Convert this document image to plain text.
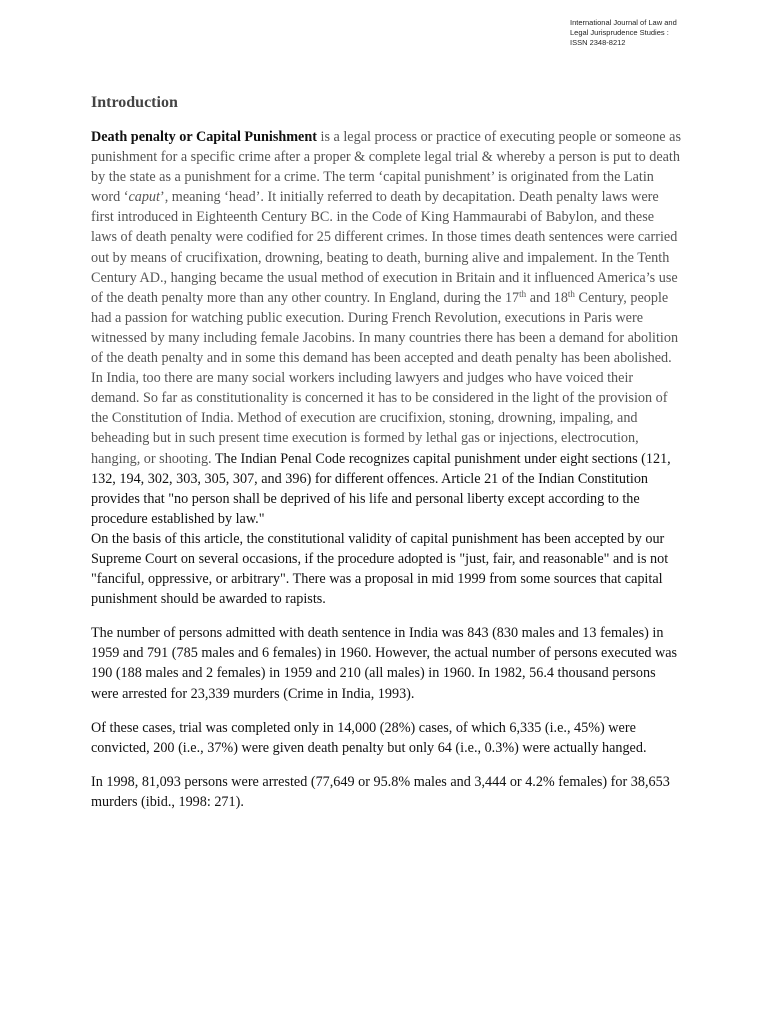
International Journal of Law and
Legal Jurisprudence Studies :
ISSN 2348-8212
Introduction

Death penalty or Capital Punishment is a legal process or practice of executing people or someone as punishment for a specific crime after a proper & complete legal trial & whereby a person is put to death by the state as a punishment for a crime. The term ‘capital punishment’ is originated from the Latin word ‘caput’, meaning ‘head’. It initially referred to death by decapitation. Death penalty laws were first introduced in Eighteenth Century BC. in the Code of King Hammaurabi of Babylon, and these laws of death penalty were codified for 25 different crimes. In those times death sentences were carried out by means of crucifixation, drowning, beating to death, burning alive and impalement. In the Tenth Century AD., hanging became the usual method of execution in Britain and it influenced America’s use of the death penalty more than any other country. In England, during the 17th and 18th Century, people had a passion for watching public execution. During French Revolution, executions in Paris were witnessed by many including female Jacobins. In many countries there has been a demand for abolition of the death penalty and in some this demand has been accepted and death penalty has been abolished. In India, too there are many social workers including lawyers and judges who have voiced their demand. So far as constitutionality is concerned it has to be considered in the light of the provision of the Constitution of India. Method of execution are crucifixion, stoning, drowning, impaling, and beheading but in such present time execution is formed by lethal gas or injections, electrocution, hanging, or shooting. The Indian Penal Code recognizes capital punishment under eight sections (121, 132, 194, 302, 303, 305, 307, and 396) for different offences. Article 21 of the Indian Constitution provides that "no person shall be deprived of his life and personal liberty except according to the procedure established by law."
On the basis of this article, the constitutional validity of capital punishment has been accepted by our Supreme Court on several occasions, if the procedure adopted is "just, fair, and reasonable" and is not "fanciful, oppressive, or arbitrary". There was a proposal in mid 1999 from some sources that capital punishment should be awarded to rapists.

The number of persons admitted with death sentence in India was 843 (830 males and 13 females) in 1959 and 791 (785 males and 6 females) in 1960. However, the actual number of persons executed was 190 (188 males and 2 females) in 1959 and 210 (all males) in 1960. In 1982, 56.4 thousand persons were arrested for 23,339 murders (Crime in India, 1993).

Of these cases, trial was completed only in 14,000 (28%) cases, of which 6,335 (i.e., 45%) were convicted, 200 (i.e., 37%) were given death penalty but only 64 (i.e., 0.3%) were actually hanged.

In 1998, 81,093 persons were arrested (77,649 or 95.8% males and 3,444 or 4.2% females) for 38,653 murders (ibid., 1998: 271).
